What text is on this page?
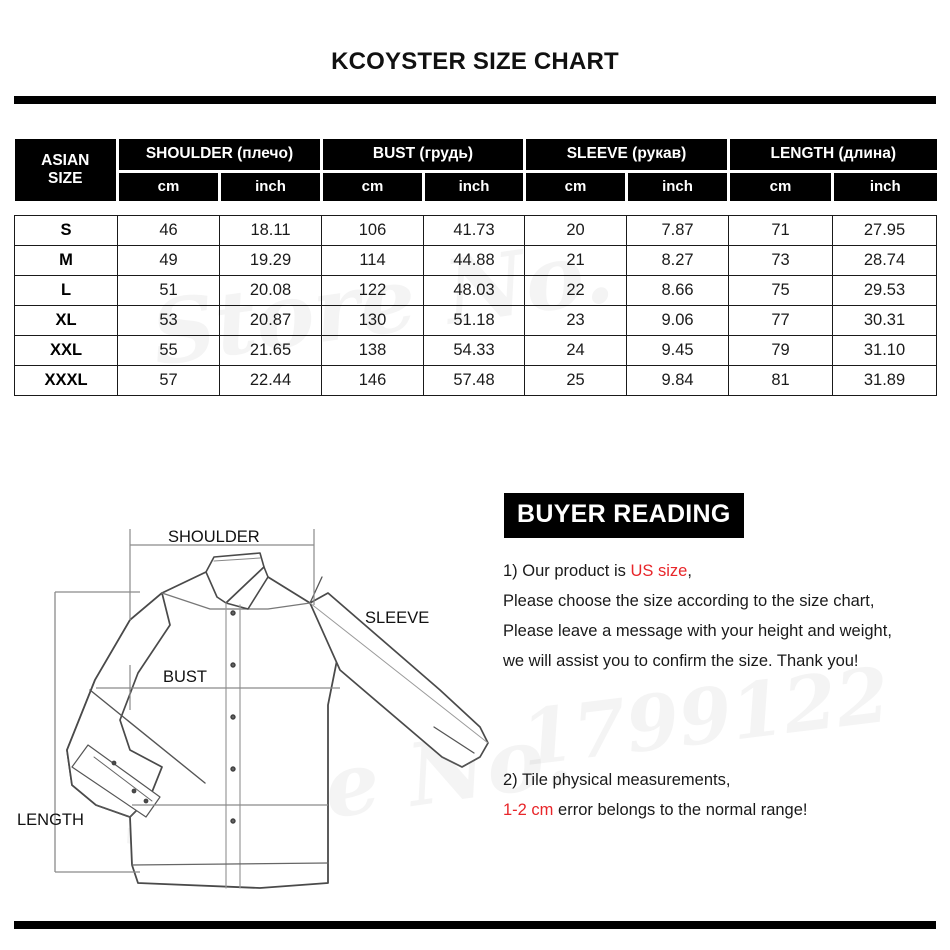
KCOYSTER SIZE CHART
ASIAN
SIZE	SHOULDER (плечо)		BUST (грудь)		SLEEVE (рукав)		LENGTH (длина)	
	cm	inch	cm	inch	cm	inch	cm	inch

S	46	18.11	106	41.73	20	7.87	71	27.95
M	49	19.29	114	44.88	21	8.27	73	28.74
L	51	20.08	122	48.03	22	8.66	75	29.53
XL	53	20.87	130	51.18	23	9.06	77	30.31
XXL	55	21.65	138	54.33	24	9.45	79	31.10
XXXL	57	22.44	146	57.48	25	9.84	81	31.89
SHOULDER
SLEEVE
BUST
LENGTH
BUYER READING
1) Our product is US size,
Please choose the size according to the size chart,
Please leave a message with your height and weight,
we will assist you to confirm the size. Thank you!
2) Tile physical measurements,
1-2 cm error belongs to the normal range!
